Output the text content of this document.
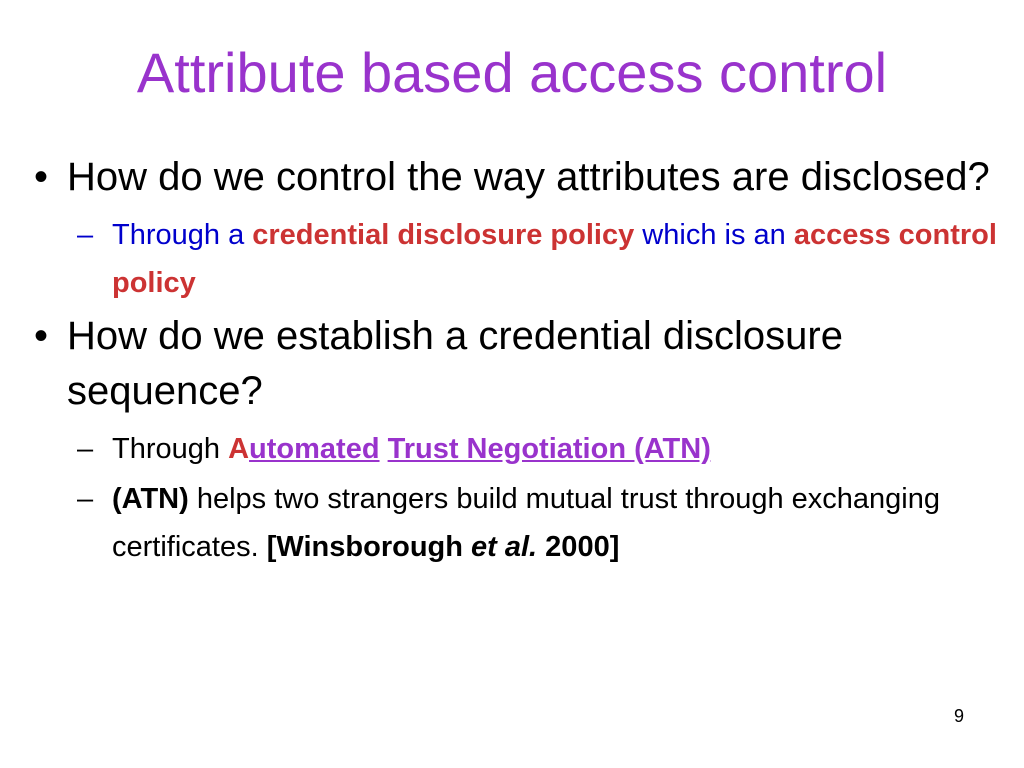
Attribute based access control
• How do we control the way attributes are disclosed?
– Through a credential disclosure policy which is an access control policy
• How do we establish a credential disclosure sequence?
– Through Automated Trust Negotiation (ATN)
– (ATN) helps two strangers build mutual trust through exchanging certificates. [Winsborough et al. 2000]
9
